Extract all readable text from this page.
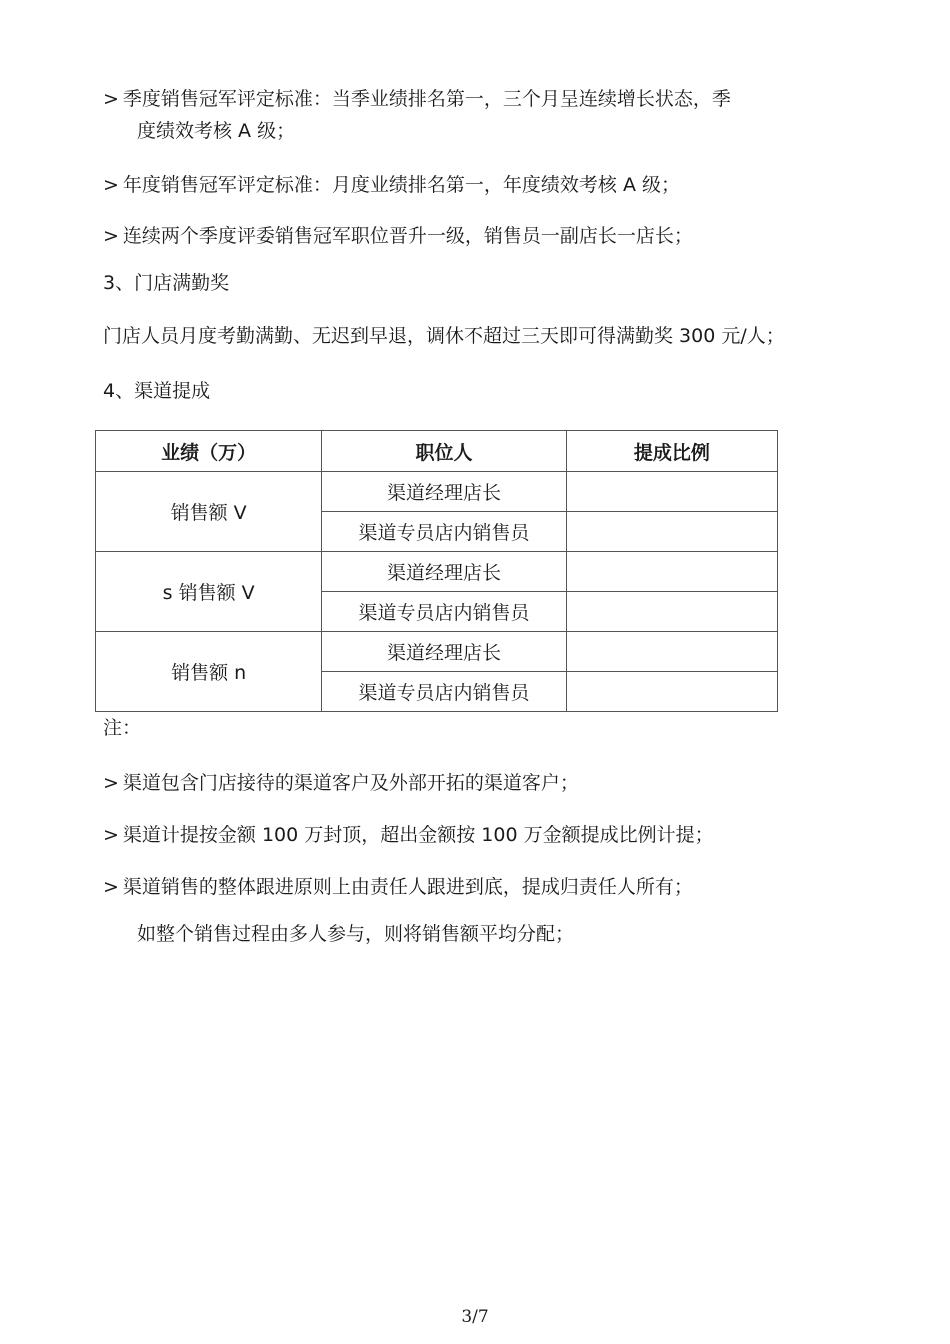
> 季度销售冠军评定标准：当季业绩排名第一，三个月呈连续增长状态，季
度绩效考核 A 级；
> 年度销售冠军评定标准：月度业绩排名第一，年度绩效考核 A 级；
> 连续两个季度评委销售冠军职位晋升一级，销售员一副店长一店长；
3、门店满勤奖
门店人员月度考勤满勤、无迟到早退，调休不超过三天即可得满勤奖 300 元/人；
4、渠道提成
业绩（万）	职位人	提成比例
销售额 V	渠道经理店长	
	渠道专员店内销售员	
s 销售额 V	渠道经理店长	
	渠道专员店内销售员	
销售额 n	渠道经理店长	
	渠道专员店内销售员	
注：
> 渠道包含门店接待的渠道客户及外部开拓的渠道客户；
> 渠道计提按金额 100 万封顶，超出金额按 100 万金额提成比例计提；
> 渠道销售的整体跟进原则上由责任人跟进到底，提成归责任人所有；
如整个销售过程由多人参与，则将销售额平均分配；
3/7
